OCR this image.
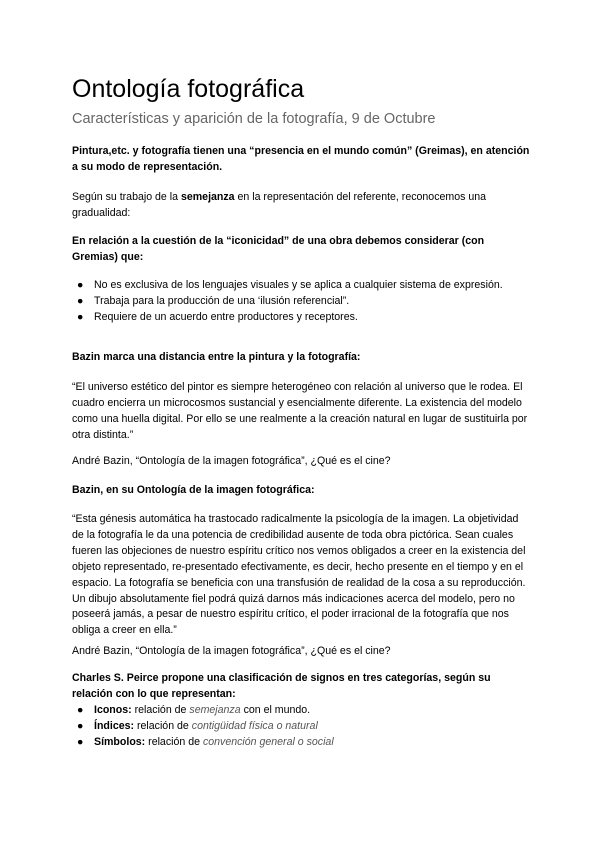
Ontología fotográfica
Características y aparición de la fotografía, 9 de Octubre
Pintura,etc. y fotografía tienen una “presencia en el mundo común” (Greimas), en atención a su modo de representación.
Según su trabajo de la semejanza en la representación del referente, reconocemos una gradualidad:
En relación a la cuestión de la “iconicidad” de una obra debemos considerar (con Gremias) que:
● No es exclusiva de los lenguajes visuales y se aplica a cualquier sistema de expresión.
● Trabaja para la producción de una ‘ilusión referencial”.
● Requiere de un acuerdo entre productores y receptores.
Bazin marca una distancia entre la pintura y la fotografía:
“El universo estético del pintor es siempre heterogéneo con relación al universo que le rodea. El cuadro encierra un microcosmos sustancial y esencialmente diferente. La existencia del modelo como una huella digital. Por ello se une realmente a la creación natural en lugar de sustituirla por otra distinta.”
André Bazin, “Ontología de la imagen fotográfica”, ¿Qué es el cine?
Bazin, en su Ontología de la imagen fotográfica:
“Esta génesis automática ha trastocado radicalmente la psicología de la imagen. La objetividad de la fotografía le da una potencia de credibilidad ausente de toda obra pictórica. Sean cuales fueren las objeciones de nuestro espíritu crítico nos vemos obligados a creer en la existencia del objeto representado, re-presentado efectivamente, es decir, hecho presente en el tiempo y en el espacio. La fotografía se beneficia con una transfusión de realidad de la cosa a su reproducción. Un dibujo absolutamente fiel podrá quizá darnos más indicaciones acerca del modelo, pero no poseerá jamás, a pesar de nuestro espíritu crítico, el poder irracional de la fotografía que nos obliga a creer en ella.”
André Bazin, “Ontología de la imagen fotográfica”, ¿Qué es el cine?
Charles S. Peirce propone una clasificación de signos en tres categorías, según su relación con lo que representan:
● Iconos: relación de semejanza con el mundo.
● Índices: relación de contigüidad física o natural
● Símbolos: relación de convención general o social
